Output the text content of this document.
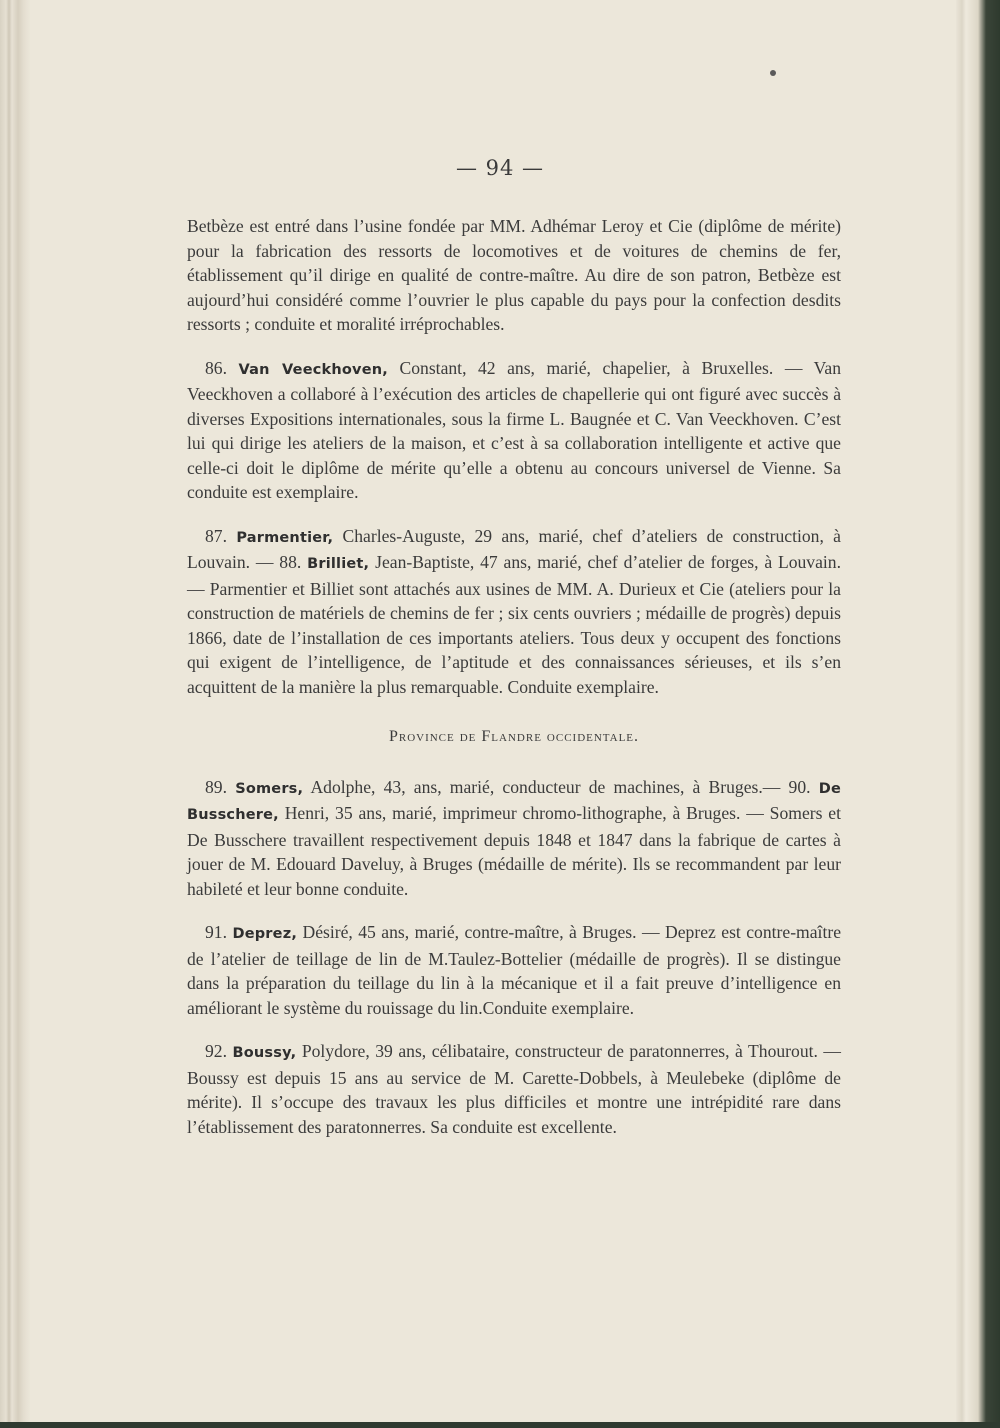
— 94 —

Betbèze est entré dans l’usine fondée par MM. Adhémar Leroy et Cie (diplôme de mérite) pour la fabrication des ressorts de locomotives et de voitures de chemins de fer, établissement qu’il dirige en qualité de contre-maître. Au dire de son patron, Betbèze est aujourd’hui considéré comme l’ouvrier le plus capable du pays pour la confection desdits ressorts ; conduite et moralité irréprochables.

86. Van Veeckhoven, Constant, 42 ans, marié, chapelier, à Bruxelles. — Van Veeckhoven a collaboré à l’exécution des articles de chapellerie qui ont figuré avec succès à diverses Expositions internationales, sous la firme L. Baugnée et C. Van Veeckhoven. C’est lui qui dirige les ateliers de la maison, et c’est à sa collaboration intelligente et active que celle-ci doit le diplôme de mérite qu’elle a obtenu au concours universel de Vienne. Sa conduite est exemplaire.

87. Parmentier, Charles-Auguste, 29 ans, marié, chef d’ateliers de construction, à Louvain. — 88. Brilliet, Jean-Baptiste, 47 ans, marié, chef d’atelier de forges, à Louvain. — Parmentier et Billiet sont attachés aux usines de MM. A. Durieux et Cie (ateliers pour la construction de matériels de chemins de fer ; six cents ouvriers ; médaille de progrès) depuis 1866, date de l’installation de ces importants ateliers. Tous deux y occupent des fonctions qui exigent de l’intelligence, de l’aptitude et des connaissances sérieuses, et ils s’en acquittent de la manière la plus remarquable. Conduite exemplaire.

Province de Flandre occidentale.

89. Somers, Adolphe, 43, ans, marié, conducteur de machines, à Bruges.— 90. De Busschere, Henri, 35 ans, marié, imprimeur chromo-lithographe, à Bruges. — Somers et De Busschere travaillent respectivement depuis 1848 et 1847 dans la fabrique de cartes à jouer de M. Edouard Daveluy, à Bruges (médaille de mérite). Ils se recommandent par leur habileté et leur bonne conduite.

91. Deprez, Désiré, 45 ans, marié, contre-maître, à Bruges. — Deprez est contre-maître de l’atelier de teillage de lin de M.Taulez-Bottelier (médaille de progrès). Il se distingue dans la préparation du teillage du lin à la mécanique et il a fait preuve d’intelligence en améliorant le système du rouissage du lin.Conduite exemplaire.

92. Boussy, Polydore, 39 ans, célibataire, constructeur de paratonnerres, à Thourout. — Boussy est depuis 15 ans au service de M. Carette-Dobbels, à Meulebeke (diplôme de mérite). Il s’occupe des travaux les plus difficiles et montre une intrépidité rare dans l’établissement des paratonnerres. Sa conduite est excellente.
